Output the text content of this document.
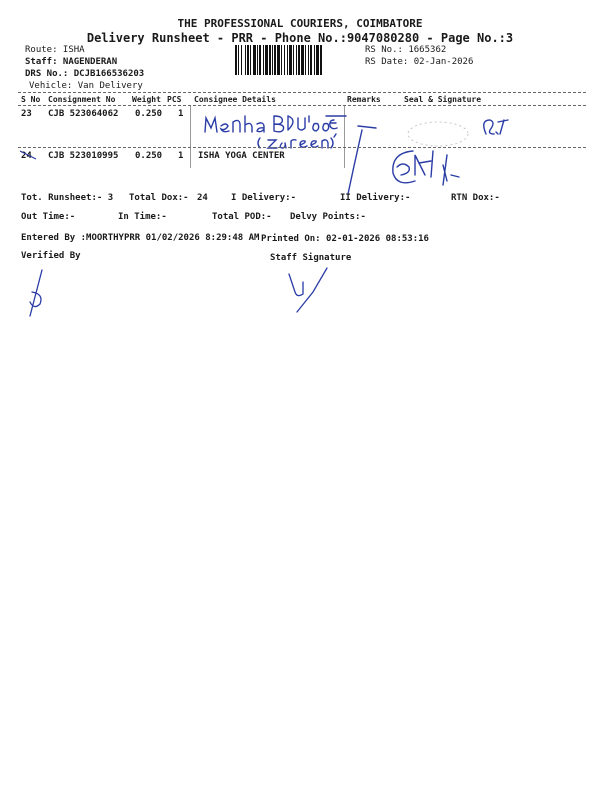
THE PROFESSIONAL COURIERS, COIMBATORE
Delivery Runsheet - PRR - Phone No.:9047080280 - Page No.:3
Route: ISHA
Staff: NAGENDERAN
DRS No.: DCJB166536203
Vehicle: Van Delivery
RS No.: 1665362
RS Date: 02-Jan-2026
S No Consignment No Weight PCS Consignee Details	Remarks	Seal & Signature
23 CJB 523064062 0.250 1
24 CJB 523010995 0.250 1 ISHA YOGA CENTER
Tot. Runsheet:- 3 Total Dox:- 24	I Delivery:-	II Delivery:-	RTN Dox:-
Out Time:-	In Time:-	Total POD:- Delvy Points:-
Entered By :MOORTHYPRR 01/02/2026 8:29:48 AM Printed On: 02-01-2026 08:53:16
Verified By	Staff Signature
